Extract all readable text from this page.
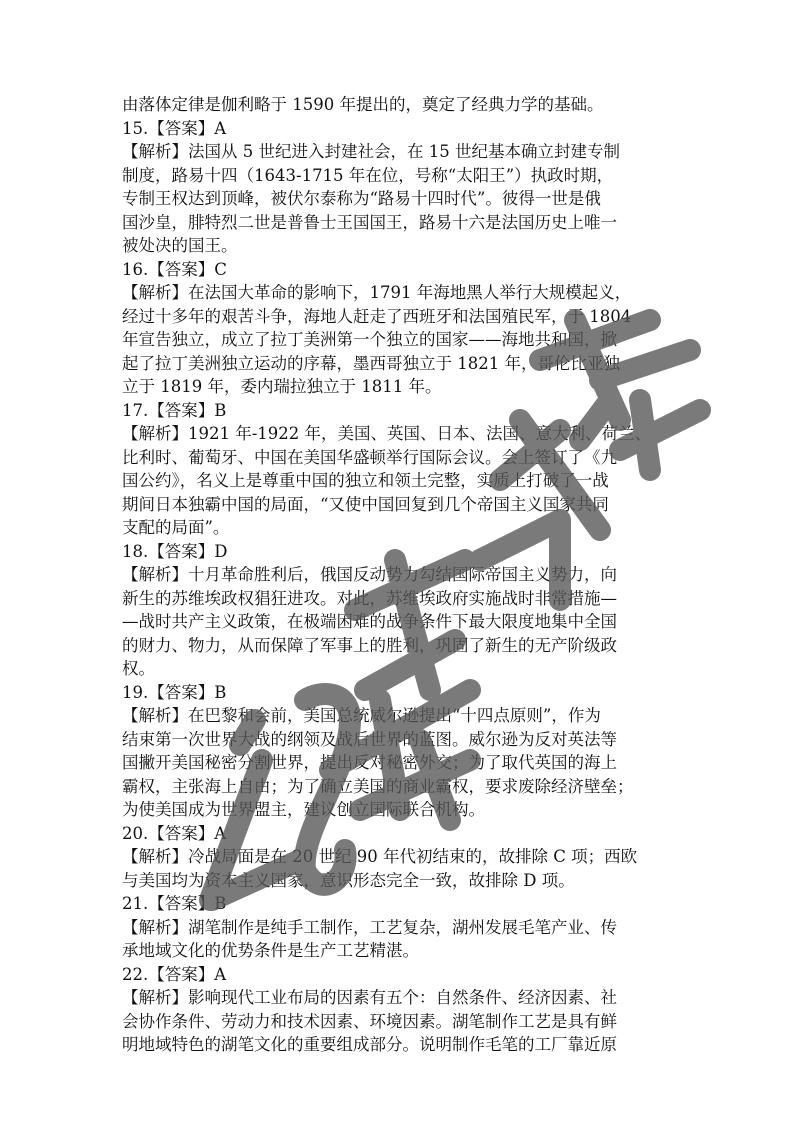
由落体定律是伽利略于 1590 年提出的，奠定了经典力学的基础。
15.【答案】A
【解析】法国从 5 世纪进入封建社会，在 15 世纪基本确立封建专制
制度，路易十四（1643-1715 年在位，号称“太阳王”）执政时期，
专制王权达到顶峰，被伏尔泰称为“路易十四时代”。彼得一世是俄
国沙皇，腓特烈二世是普鲁士王国国王，路易十六是法国历史上唯一
被处决的国王。
16.【答案】C
【解析】在法国大革命的影响下，1791 年海地黑人举行大规模起义，
经过十多年的艰苦斗争，海地人赶走了西班牙和法国殖民军，于 1804
年宣告独立，成立了拉丁美洲第一个独立的国家——海地共和国，掀
起了拉丁美洲独立运动的序幕，墨西哥独立于 1821 年，哥伦比亚独
立于 1819 年，委内瑞拉独立于 1811 年。
17.【答案】B
【解析】1921 年-1922 年，美国、英国、日本、法国、意大利、荷兰、
比利时、葡萄牙、中国在美国华盛顿举行国际会议。会上签订了《九
国公约》，名义上是尊重中国的独立和领土完整，实质上打破了一战
期间日本独霸中国的局面，“又使中国回复到几个帝国主义国家共同
支配的局面”。
18.【答案】D
【解析】十月革命胜利后，俄国反动势力勾结国际帝国主义势力，向
新生的苏维埃政权猖狂进攻。对此，苏维埃政府实施战时非常措施—
—战时共产主义政策，在极端困难的战争条件下最大限度地集中全国
的财力、物力，从而保障了军事上的胜利，巩固了新生的无产阶级政
权。
19.【答案】B
【解析】在巴黎和会前，美国总统威尔逊提出“十四点原则”，作为
结束第一次世界大战的纲领及战后世界的蓝图。威尔逊为反对英法等
国撇开美国秘密分割世界，提出反对秘密外交；为了取代英国的海上
霸权，主张海上自由；为了确立美国的商业霸权，要求废除经济壁垒；
为使美国成为世界盟主，建议创立国际联合机构。
20.【答案】A
【解析】冷战局面是在 20 世纪 90 年代初结束的，故排除 C 项；西欧
与美国均为资本主义国家，意识形态完全一致，故排除 D 项。
21.【答案】B
【解析】湖笔制作是纯手工制作，工艺复杂，湖州发展毛笔产业、传
承地域文化的优势条件是生产工艺精湛。
22.【答案】A
【解析】影响现代工业布局的因素有五个：自然条件、经济因素、社
会协作条件、劳动力和技术因素、环境因素。湖笔制作工艺是具有鲜
明地域特色的湖笔文化的重要组成部分。说明制作毛笔的工厂靠近原
